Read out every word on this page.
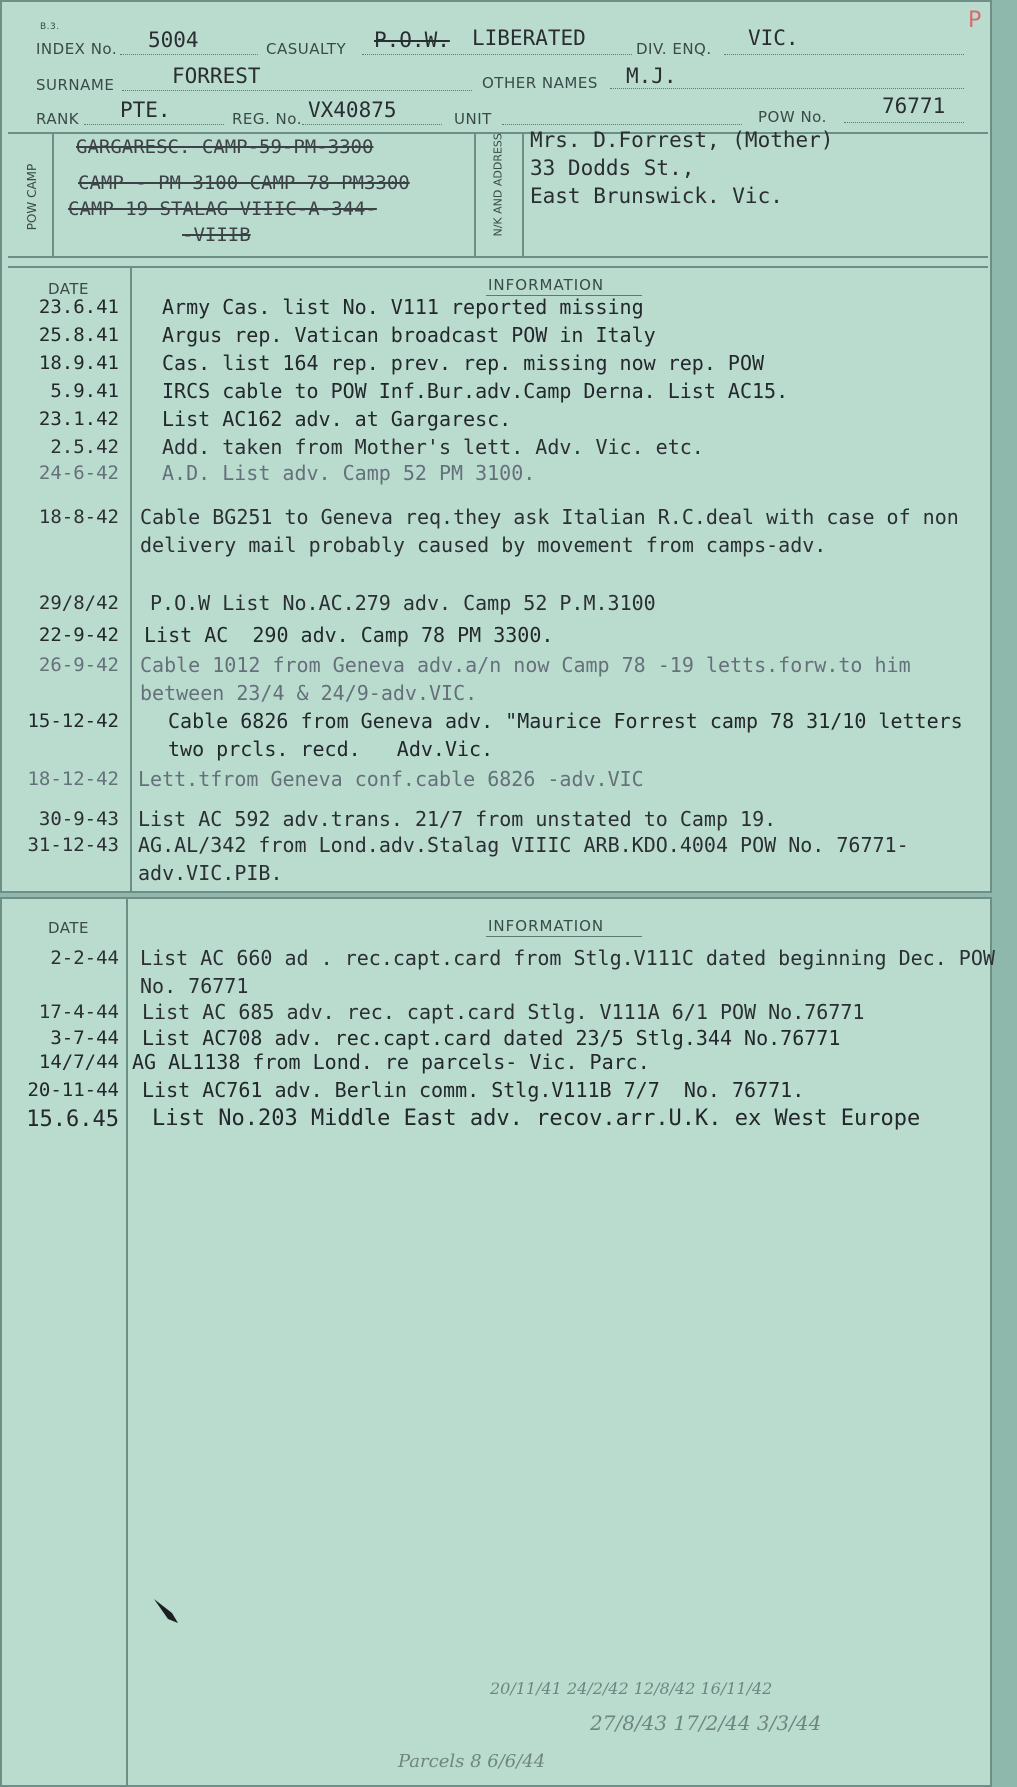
B.3.	P
INDEX No. 5004	CASUALTY P.O.W. LIBERATED	DIV. ENQ. VIC.
SURNAME	FORREST	OTHER NAMES M.J.
RANK PTE.	REG. No. VX40875	UNIT	POW No.	76771
POW CAMP	N/K AND ADDRESS
GARGARESC. CAMP-59-PM-3300
CAMP - PM 3100 CAMP 78 PM3300
CAMP 19 STALAG VIIIC-A-344-
-VIIIB
Mrs. D.Forrest, (Mother)
33 Dodds St.,
East Brunswick. Vic.
DATE	INFORMATION
23.6.41 Army Cas. list No. V111 reported missing
25.8.41 Argus rep. Vatican broadcast POW in Italy
18.9.41 Cas. list 164 rep. prev. rep. missing now rep. POW
5.9.41 IRCS cable to POW Inf.Bur.adv.Camp Derna. List AC15.
23.1.42 List AC162 adv. at Gargaresc.
2.5.42 Add. taken from Mother's lett. Adv. Vic. etc.
24-6-42 A.D. List adv. Camp 52 PM 3100.
18-8-42 Cable BG251 to Geneva req.they ask Italian R.C.deal with case of non delivery mail probably caused by movement from camps-adv.
29/8/42 P.O.W List No.AC.279 adv. Camp 52 P.M.3100
22-9-42 List AC  290 adv. Camp 78 PM 3300.
26-9-42 Cable 1012 from Geneva adv.a/n now Camp 78 -19 letts.forw.to him between 23/4 & 24/9-adv.VIC.
15-12-42 Cable 6826 from Geneva adv. "Maurice Forrest camp 78 31/10 letters two prcls. recd.   Adv.Vic.
18-12-42 Lett.tfrom Geneva conf.cable 6826 -adv.VIC
30-9-43 List AC 592 adv.trans. 21/7 from unstated to Camp 19.
31-12-43 AG.AL/342 from Lond.adv.Stalag VIIIC ARB.KDO.4004 POW No. 76771-adv.VIC.PIB.
DATE	INFORMATION
2-2-44 List AC 660 ad . rec.capt.card from Stlg.V111C dated beginning Dec. POW No. 76771
17-4-44 List AC 685 adv. rec. capt.card Stlg. V111A 6/1 POW No.76771
3-7-44 List AC708 adv. rec.capt.card dated 23/5 Stlg.344 No.76771
14/7/44 AG AL1138 from Lond. re parcels- Vic. Parc.
20-11-44 List AC761 adv. Berlin comm. Stlg.V111B 7/7  No. 76771.
15.6.45 List No.203 Middle East adv. recov.arr.U.K. ex West Europe
20/11/41 24/2/42 12/8/42 16/11/42
27/8/43 17/2/44 3/3/44
Parcels 8 6/6/44
